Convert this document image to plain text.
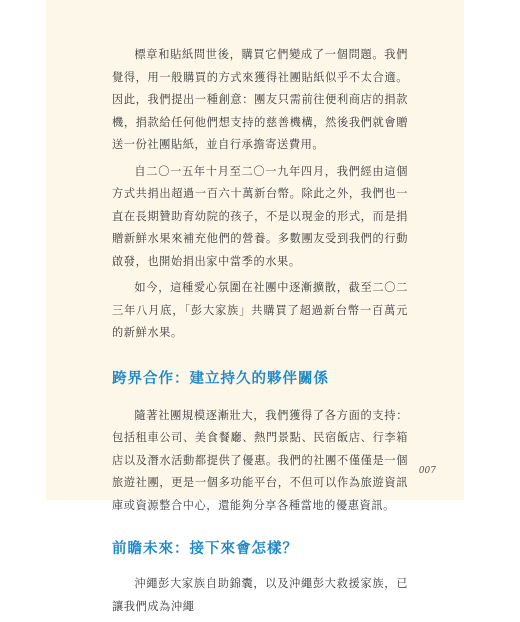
標章和貼紙問世後，購買它們變成了一個問題。我們覺得，用一般購買的方式來獲得社團貼紙似乎不太合適。因此，我們提出一種創意：團友只需前往便利商店的捐款機，捐款給任何他們想支持的慈善機構，然後我們就會贈送一份社團貼紙，並自行承擔寄送費用。

自二〇一五年十月至二〇一九年四月，我們經由這個方式共捐出超過一百六十萬新台幣。除此之外，我們也一直在長期贊助育幼院的孩子，不是以現金的形式，而是捐贈新鮮水果來補充他們的營養。多數團友受到我們的行動啟發，也開始捐出家中當季的水果。

如今，這種愛心氛圍在社團中逐漸擴散，截至二〇二三年八月底，「彭大家族」共購買了超過新台幣一百萬元的新鮮水果。

跨界合作：建立持久的夥伴關係

隨著社團規模逐漸壯大，我們獲得了各方面的支持：包括租車公司、美食餐廳、熱門景點、民宿飯店、行李箱店以及潛水活動都提供了優惠。我們的社團不僅僅是一個旅遊社團，更是一個多功能平台，不但可以作為旅遊資訊庫或資源整合中心，還能夠分享各種當地的優惠資訊。

前瞻未來：接下來會怎樣？

沖繩彭大家族自助錦囊，以及沖繩彭大救援家族，已讓我們成為沖繩

007
